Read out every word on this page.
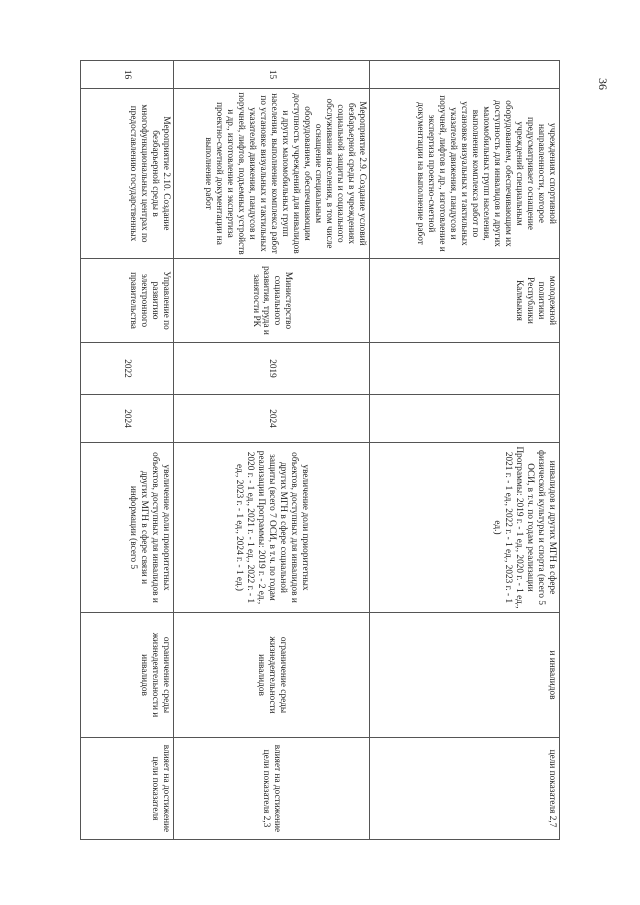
36
учреждениях спортивной направленности, которое предусматривает оснащение учреждений специальным оборудованием, обеспечивающим их доступность для инвалидов и других маломобильных групп населения, выполнение комплекса работ по установке визуальных и тактильных указателей движения, пандусов и поручней, лифтов и др., изготовление и экспертиза проектно-сметной документации на выполнение работ
молодежной политики Республики Калмыкия
инвалидов и других МГН в сфере физической культуры и спорта (всего 5 ОСИ, в т.ч. по годам реализации Программы: 2019 г. - 1 ед., 2020 г. - 1 ед., 2021 г. - 1 ед., 2022 г. - 1 ед., 2023 г. - 1 ед.)
и инвалидов
цели показателя 2,7
15
Мероприятие 2.9. Создание условий безбарьерной среды в учреждениях социальной защиты и социального обслуживания населения, в том числе оснащение специальным оборудованием, обеспечивающим доступность учреждений для инвалидов и других маломобильных групп населения, выполнение комплекса работ по установке визуальных и тактильных указателей движения, пандусов и поручней, лифтов, подъемных устройств и др., изготовление и экспертиза проектно-сметной документации на выполнение работ
Министерство социального развития, труда и занятости РК
2019
2024
увеличение доли приоритетных объектов, доступных для инвалидов и других МГН в сфере социальной защиты (всего 7 ОСИ, в т.ч. по годам реализации Программы: 2019 г. - 2 ед., 2020 г. - 1 ед., 2021 г. - 1 ед., 2022 г. - 1 ед., 2023 г. - 1 ед., 2024 г. - 1 ед.)
ограничение среды жизнедеятельности инвалидов
влияет на достижение цели показателя 2,3
16
Мероприятие 2.10. Создание безбарьерной среды в многофункциональных центрах по предоставлению государственных
Управление по развитию электронного правительства
2022
2024
увеличение доли приоритетных объектов, доступных для инвалидов и других МГН в сфере связи и информации (всего 5
ограничение среды жизнедеятельности и инвалидов
влияет на достижение цели показателя
